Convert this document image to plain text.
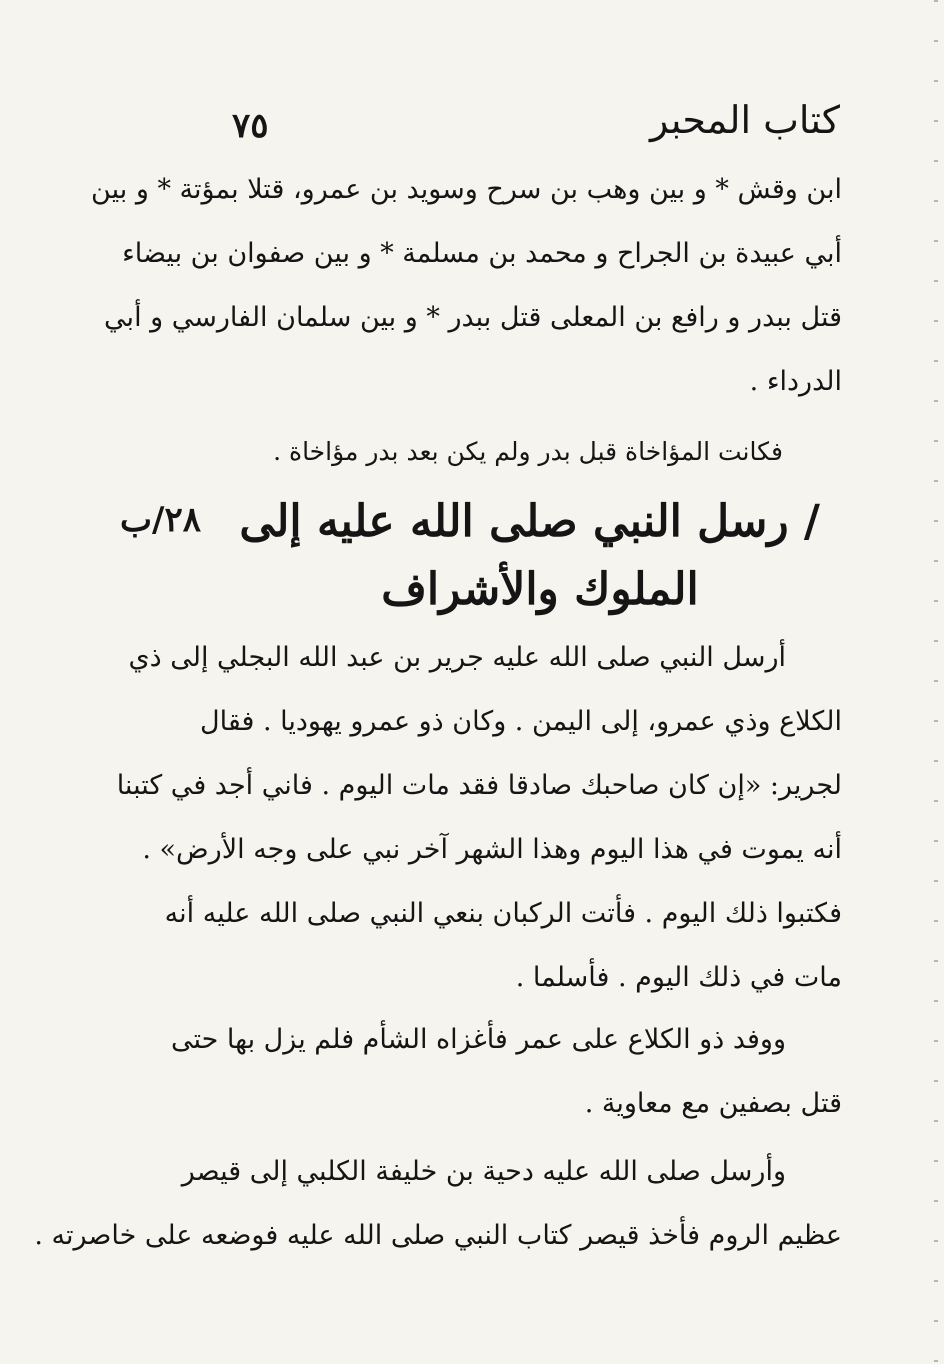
كتاب المحبر
٧٥
ابن وقش * و بين وهب بن سرح وسويد بن عمرو، قتلا بمؤتة * و بين
أبي عبيدة بن الجراح و محمد بن مسلمة * و بين صفوان بن بيضاء
قتل ببدر و رافع بن المعلى قتل ببدر * و بين سلمان الفارسي و أبي
الدرداء .
فكانت المؤاخاة قبل بدر ولم يكن بعد بدر مؤاخاة .
٢٨/ب / رسل النبي صلى الله عليه إلى
الملوك والأشراف
أرسل النبي صلى الله عليه جرير بن عبد الله البجلي إلى ذي
الكلاع وذي عمرو، إلى اليمن . وكان ذو عمرو يهوديا . فقال
لجرير: «إن كان صاحبك صادقا فقد مات اليوم . فاني أجد في كتبنا
أنه يموت في هذا اليوم وهذا الشهر آخر نبي على وجه الأرض» .
فكتبوا ذلك اليوم . فأتت الركبان بنعي النبي صلى الله عليه أنه
مات في ذلك اليوم . فأسلما .
ووفد ذو الكلاع على عمر فأغزاه الشأم فلم يزل بها حتى
قتل بصفين مع معاوية .
وأرسل صلى الله عليه دحية بن خليفة الكلبي إلى قيصر
عظيم الروم فأخذ قيصر كتاب النبي صلى الله عليه فوضعه على خاصرته .
